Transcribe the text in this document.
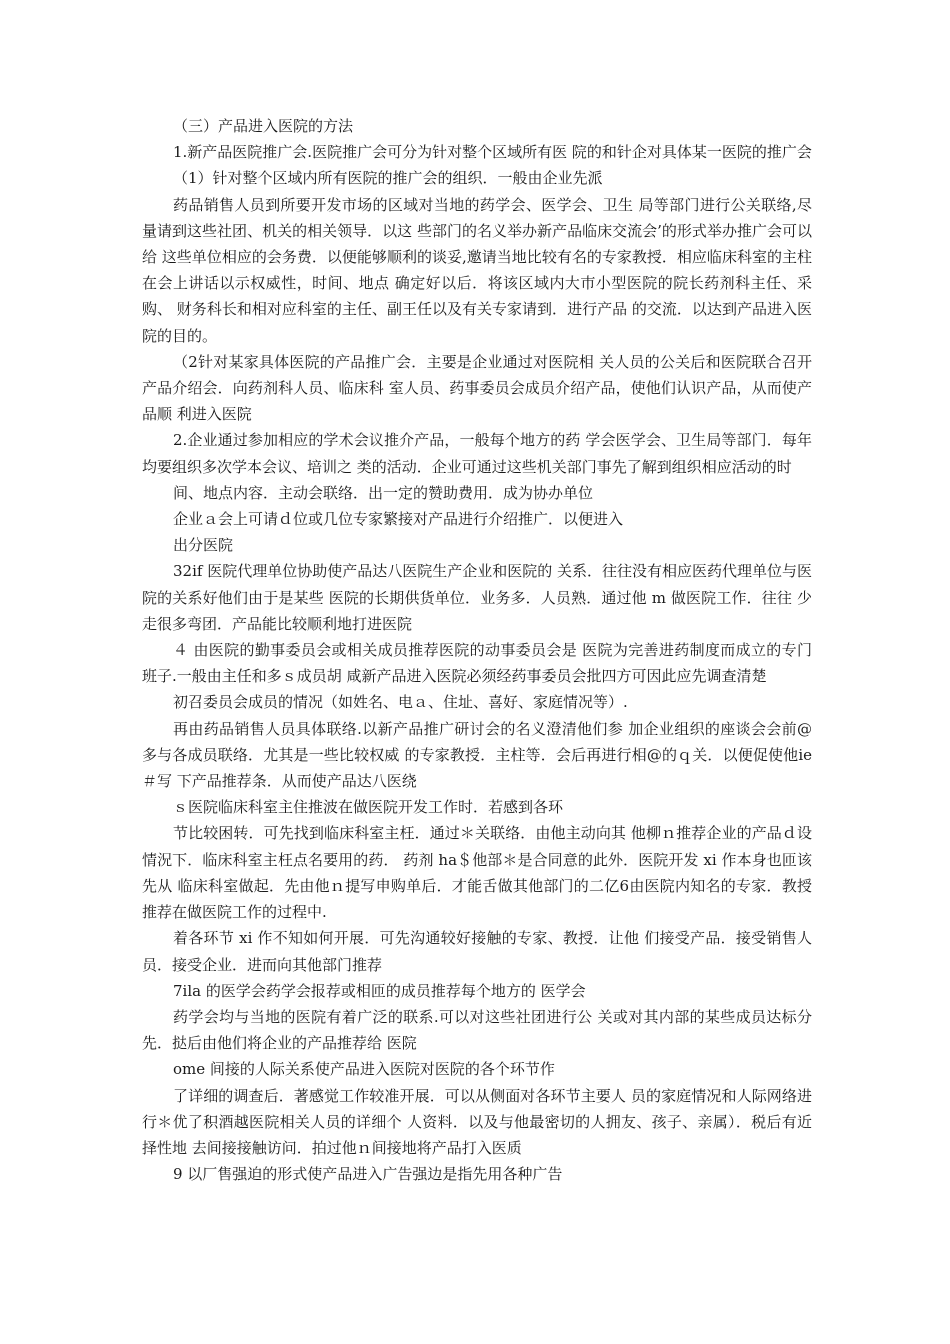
（三）产品进入医院的方法

1.新产品医院推广会.医院推广会可分为针对整个区域所有医 院的和针企对具体某一医院的推广会

（1）针对整个区域内所有医院的推广会的组织．一般由企业先派

药品销售人员到所要开发市场的区域对当地的药学会、医学会、卫生 局等部门进行公关联络,尽量请到这些社团、机关的相关领导．以这 些部门的名义举办新产品临床交流会’的形式举办推广会可以给 这些单位相应的会务费．以便能够顺利的谈妥,邀请当地比较有名的专家教授．相应临床科室的主柱在会上讲话以示权威性，时间、地点 确定好以后．将该区域内大巿小型医院的院长药剂科主任、采购、 财务科长和相对应科室的主任、副王任以及有关专家请到．进行产品 的交流．以达到产品进入医院的目的。

（2针对某家具体医院的产品推广会．主要是企业通过对医院相 关人员的公关后和医院联合召开产品介绍会．向药剂科人员、临床科 室人员、药事委员会成员介绍产品，使他们认识产品，从而使产品顺 利进入医院

2.企业通过参加相应的学术会议推介产品，一般每个地方的药 学会医学会、卫生局等部门．每年均要组织多次学本会议、培训之 类的活动．企业可通过这些机关部门事先了解到组织相应活动的时

间、地点内容．主动会联络．出一定的赞助费用．成为协办单位

企业ａ会上可请ｄ位或几位专家繁接对产品进行介绍推广．以便进入

出分医院

32if 医院代理单位协助使产品达八医院生产企业和医院的 关系．往往没有相应医药代理单位与医院的关系好他们由于是某些 医院的长期供货单位．业务多．人员熟．通过他 m 做医院工作．往往 少走很多弯团．产品能比较顺利地打进医院

４ 由医院的勤事委员会或相关成员推荐医院的动事委员会是 医院为完善进药制度而成立的专门班子.一般由主任和多ｓ成员胡 咸新产品进入医院必须经药事委员会批四方可因此应先调查清楚

初召委员会成员的情况（如姓名、电ａ、住址、喜好、家庭情况等）.

再由药品销售人员具体联络.以新产品推广研讨会的名义澄清他们参 加企业组织的座谈会会前@多与各成员联络．尤其是一些比较权威 的专家教授．主柱等．会后再进行相@的ｑ关．以便促使他ie＃写 下产品推荐条．从而使产品达八医绕

ｓ医院临床科室主住推波在做医院开发工作时．若感到各环

节比较困转．可先找到临床科室主枉．通过＊关联络．由他主动向其 他柳ｎ推荐企业的产品ｄ设情況下．临床科室主枉点名要用的药． 药剂 ha＄他部＊是合同意的此外．医院开发 xi 作本身也匝该先从 临床科室做起．先由他ｎ提写申购单后．才能舌做其他部门的二亿6由医院内知名的专家．教授推荐在做医院工作的过程中.

着各环节 xi 作不知如何开展．可先沟通较好接触的专家、教授．让他 们接受产品．接受销售人员．接受企业．进而向其他部门推荐

7ila 的医学会药学会报荐或相匝的成员推荐每个地方的 医学会

药学会均与当地的医院有着广泛的联系.可以对这些社团进行公 关或对其内部的某些成员达标分先．挞后由他们将企业的产品推荐给 医院

ome 间接的人际关系使产品进入医院对医院的各个环节作

了详细的调查后．著感觉工作较准开展．可以从侧面对各环节主要人 员的家庭情况和人际网络进行＊优了积酒越医院相关人员的详细个 人资料．以及与他最密切的人拥友、孩子、亲属）．税后有近择性地 去间接接触访问．拍过他ｎ间接地将产品打入医质

9 以厂售强迫的形式使产品进入广告强边是指先用各种广告
